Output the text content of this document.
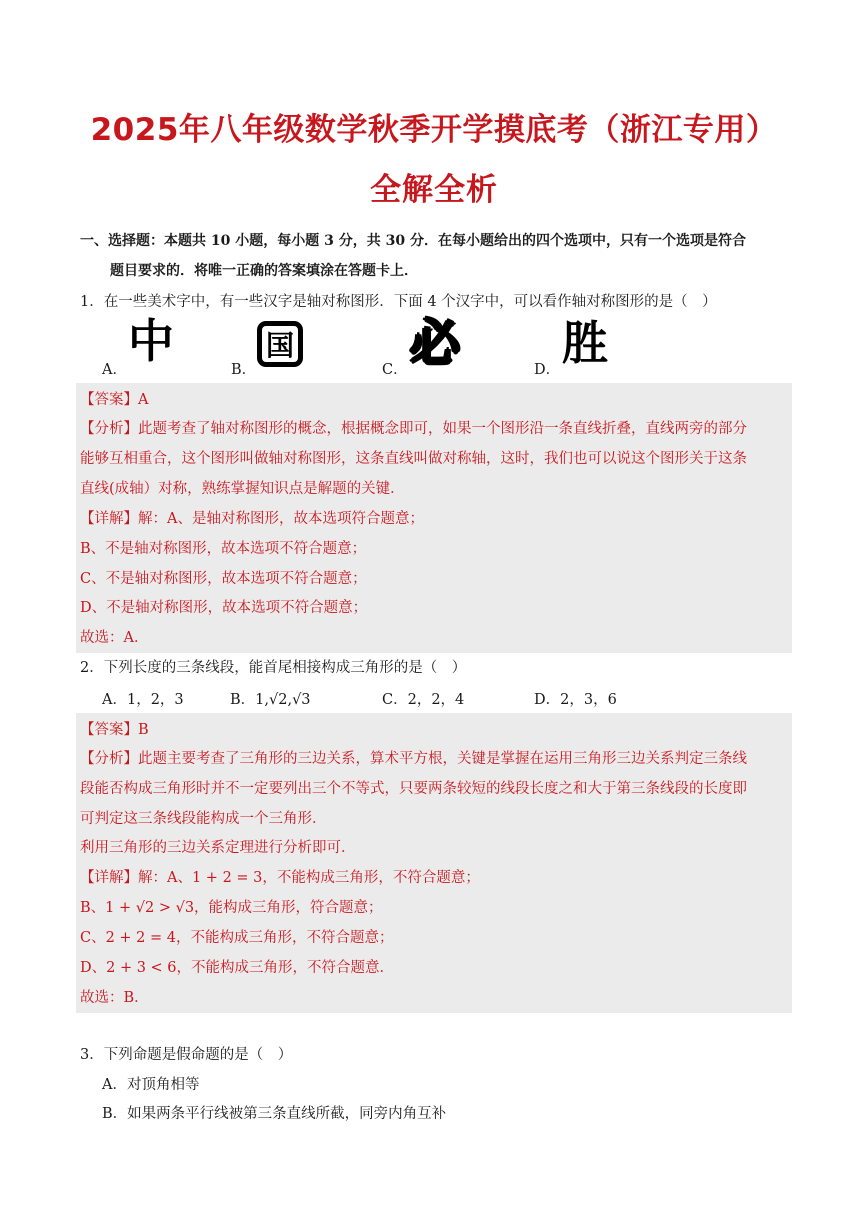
2025年八年级数学秋季开学摸底考（浙江专用）
全解全析
一、选择题：本题共 10 小题，每小题 3 分，共 30 分．在每小题给出的四个选项中，只有一个选项是符合
题目要求的．将唯一正确的答案填涂在答题卡上．
1．在一些美术字中，有一些汉字是轴对称图形．下面 4 个汉字中，可以看作轴对称图形的是（　）
A．
中
B．
国
C． 必	D． 胜
【答案】A
【分析】此题考查了轴对称图形的概念，根据概念即可，如果一个图形沿一条直线折叠，直线两旁的部分
能够互相重合，这个图形叫做轴对称图形，这条直线叫做对称轴，这时，我们也可以说这个图形关于这条
直线(成轴）对称，熟练掌握知识点是解题的关键．
【详解】解：A、是轴对称图形，故本选项符合题意；
B、不是轴对称图形，故本选项不符合题意；
C、不是轴对称图形，故本选项不符合题意；
D、不是轴对称图形，故本选项不符合题意；
故选：A．
2．下列长度的三条线段，能首尾相接构成三角形的是（　）
A．1，2，3	B．1,√2,√3	C．2，2，4	D．2，3，6
【答案】B
【分析】此题主要考查了三角形的三边关系，算术平方根，关键是掌握在运用三角形三边关系判定三条线
段能否构成三角形时并不一定要列出三个不等式，只要两条较短的线段长度之和大于第三条线段的长度即
可判定这三条线段能构成一个三角形．
利用三角形的三边关系定理进行分析即可．
【详解】解：A、1 + 2 = 3，不能构成三角形，不符合题意；
B、1 + √2 > √3，能构成三角形，符合题意；
C、2 + 2 = 4，不能构成三角形，不符合题意；
D、2 + 3 < 6，不能构成三角形，不符合题意．
故选：B．
3．下列命题是假命题的是（　）
A．对顶角相等
B．如果两条平行线被第三条直线所截，同旁内角互补
